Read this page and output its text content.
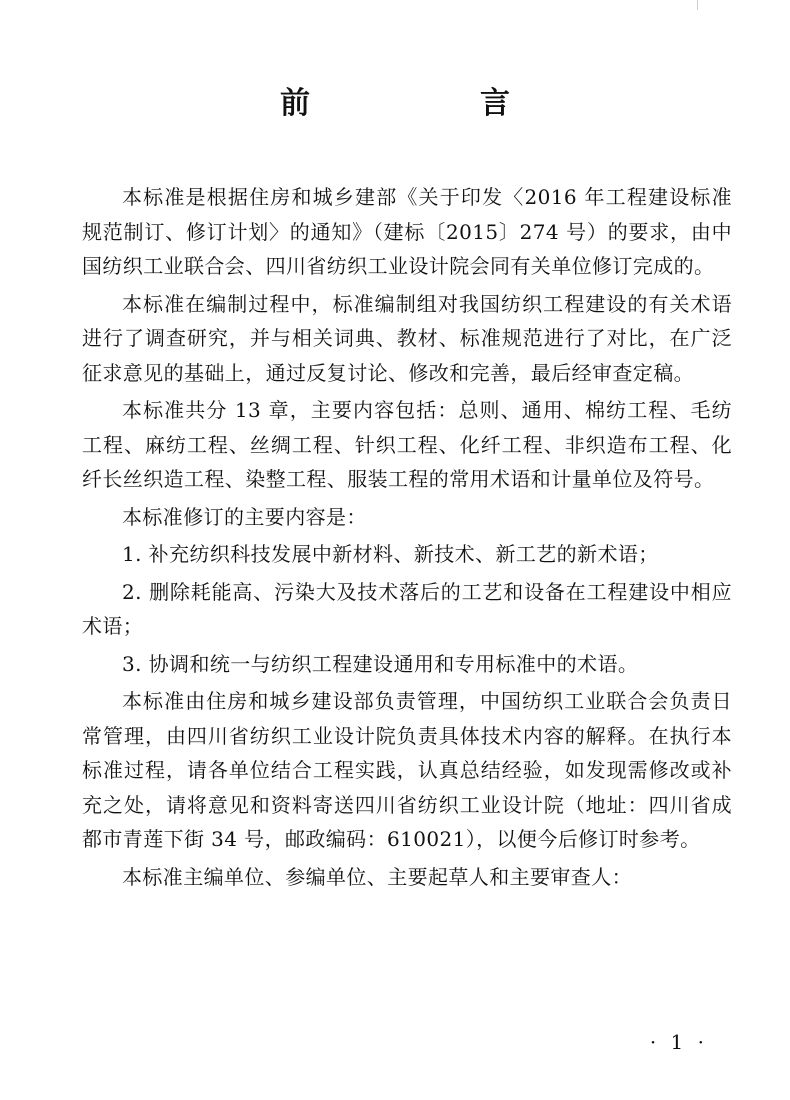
前　言

本标准是根据住房和城乡建部《关于印发〈2016 年工程建设标准规范制订、修订计划〉的通知》（建标〔2015〕274 号）的要求，由中国纺织工业联合会、四川省纺织工业设计院会同有关单位修订完成的。

本标准在编制过程中，标准编制组对我国纺织工程建设的有关术语进行了调查研究，并与相关词典、教材、标准规范进行了对比，在广泛征求意见的基础上，通过反复讨论、修改和完善，最后经审查定稿。

本标准共分 13 章，主要内容包括：总则、通用、棉纺工程、毛纺工程、麻纺工程、丝绸工程、针织工程、化纤工程、非织造布工程、化纤长丝织造工程、染整工程、服装工程的常用术语和计量单位及符号。

本标准修订的主要内容是：

1. 补充纺织科技发展中新材料、新技术、新工艺的新术语；

2. 删除耗能高、污染大及技术落后的工艺和设备在工程建设中相应术语；

3. 协调和统一与纺织工程建设通用和专用标准中的术语。

本标准由住房和城乡建设部负责管理，中国纺织工业联合会负责日常管理，由四川省纺织工业设计院负责具体技术内容的解释。在执行本标准过程，请各单位结合工程实践，认真总结经验，如发现需修改或补充之处，请将意见和资料寄送四川省纺织工业设计院（地址：四川省成都市青莲下街 34 号，邮政编码：610021），以便今后修订时参考。

本标准主编单位、参编单位、主要起草人和主要审查人：

· 1 ·
